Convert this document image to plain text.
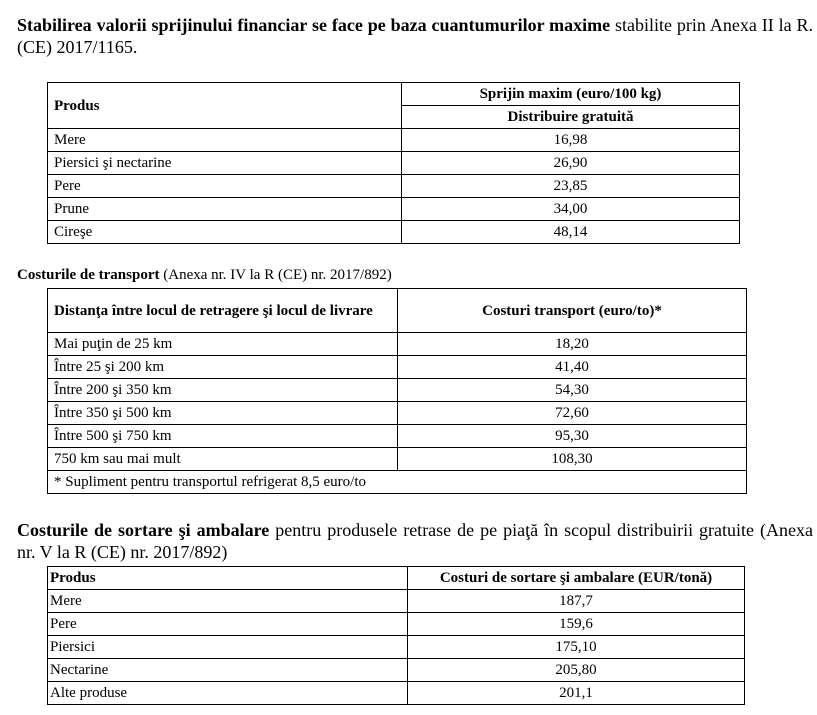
Stabilirea valorii sprijinului financiar se face pe baza cuantumurilor maxime stabilite prin Anexa II la R. (CE) 2017/1165.
Produs	Sprijin maxim (euro/100 kg)
	Distribuire gratuită
Mere	16,98
Piersici şi nectarine	26,90
Pere	23,85
Prune	34,00
Cireşe	48,14
Costurile de transport (Anexa nr. IV la R (CE) nr. 2017/892)
Distanţa între locul de retragere şi locul de livrare	Costuri transport (euro/to)*
Mai puţin de 25 km	18,20
Între 25 şi 200 km	41,40
Între 200 şi 350 km	54,30
Între 350 şi 500 km	72,60
Între 500 şi 750 km	95,30
750 km sau mai mult	108,30
* Supliment pentru transportul refrigerat 8,5 euro/to	
Costurile de sortare şi ambalare pentru produsele retrase de pe piaţă în scopul distribuirii gratuite (Anexa nr. V la R (CE) nr. 2017/892)
Produs	Costuri de sortare şi ambalare (EUR/tonă)
Mere	187,7
Pere	159,6
Piersici	175,10
Nectarine	205,80
Alte produse	201,1
